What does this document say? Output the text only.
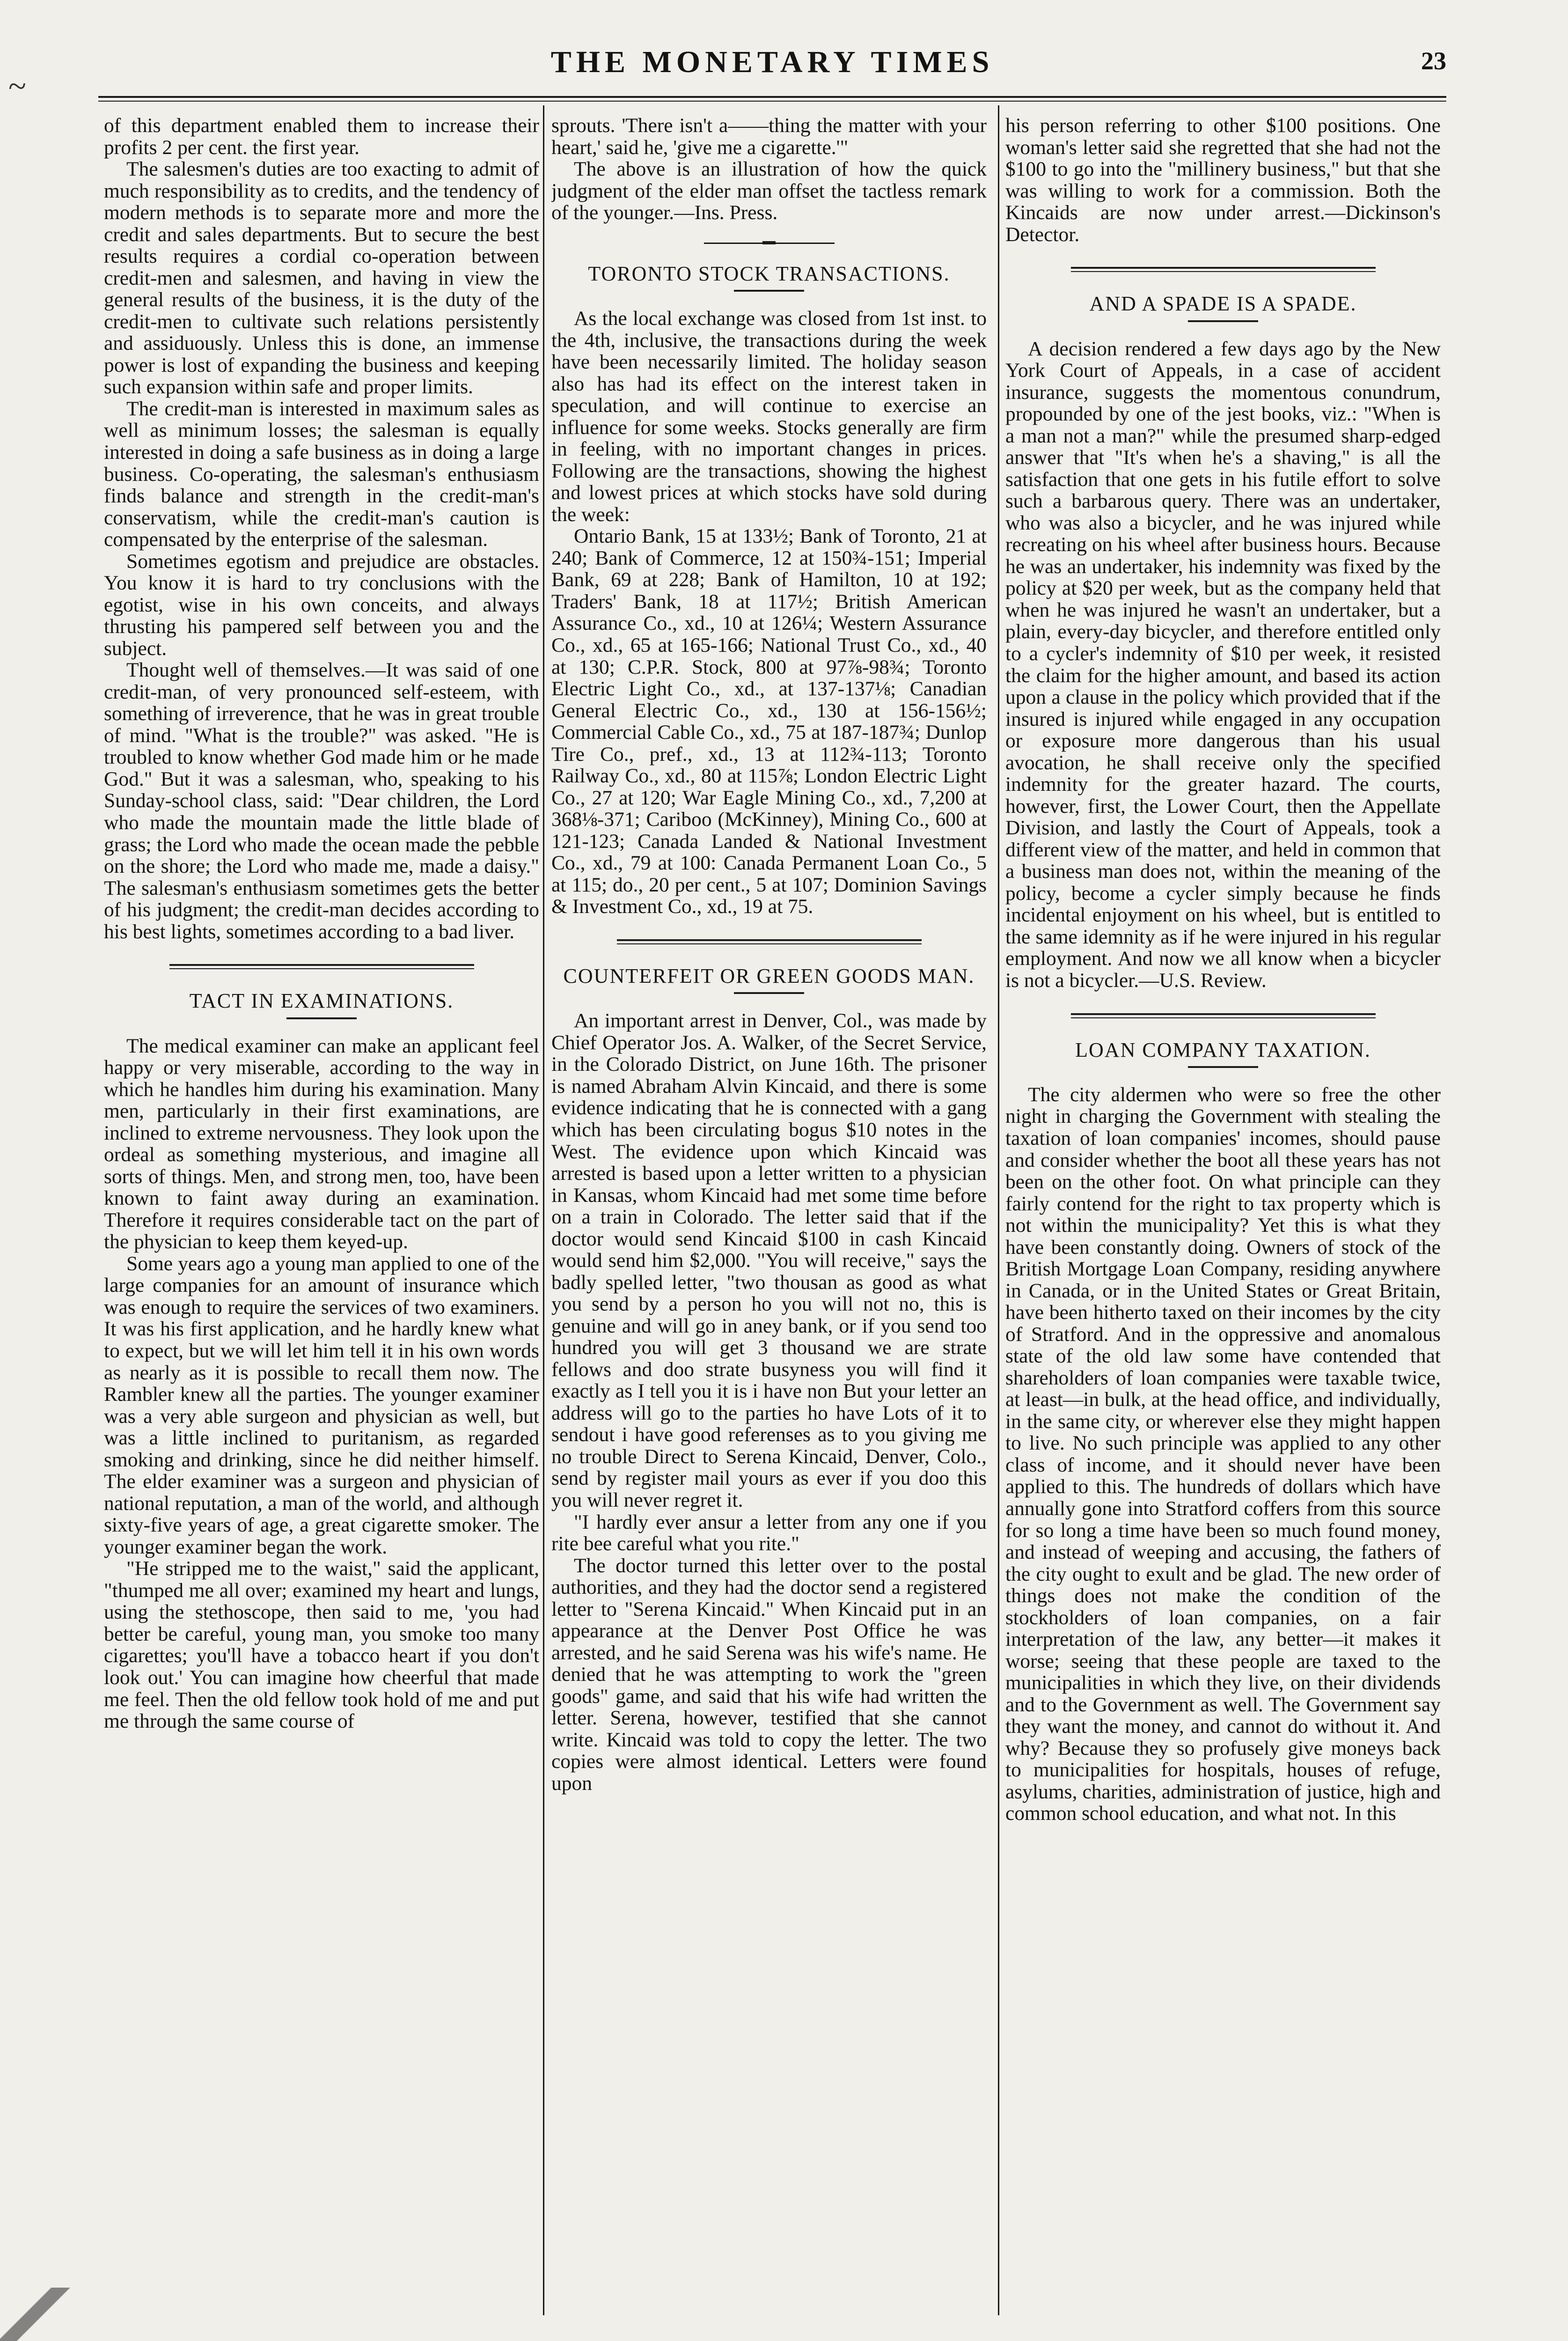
~
THE MONETARY TIMES	23

of this department enabled them to increase their profits 2 per cent. the first year.

The salesmen's duties are too exacting to admit of much responsibility as to credits, and the tendency of modern methods is to separate more and more the credit and sales departments. But to secure the best results requires a cordial co-operation between credit-men and salesmen, and having in view the general results of the business, it is the duty of the credit-men to cultivate such relations persistently and assiduously. Unless this is done, an immense power is lost of expanding the business and keeping such expansion within safe and proper limits.

The credit-man is interested in maximum sales as well as minimum losses; the salesman is equally interested in doing a safe business as in doing a large business. Co-operating, the salesman's enthusiasm finds balance and strength in the credit-man's conservatism, while the credit-man's caution is compensated by the enterprise of the salesman.

Sometimes egotism and prejudice are obstacles. You know it is hard to try conclusions with the egotist, wise in his own conceits, and always thrusting his pampered self between you and the subject.

Thought well of themselves.—It was said of one credit-man, of very pronounced self-esteem, with something of irreverence, that he was in great trouble of mind. "What is the trouble?" was asked. "He is troubled to know whether God made him or he made God." But it was a salesman, who, speaking to his Sunday-school class, said: "Dear children, the Lord who made the mountain made the little blade of grass; the Lord who made the ocean made the pebble on the shore; the Lord who made me, made a daisy." The salesman's enthusiasm sometimes gets the better of his judgment; the credit-man decides according to his best lights, sometimes according to a bad liver.

TACT IN EXAMINATIONS.

The medical examiner can make an applicant feel happy or very miserable, according to the way in which he handles him during his examination. Many men, particularly in their first examinations, are inclined to extreme nervousness. They look upon the ordeal as something mysterious, and imagine all sorts of things. Men, and strong men, too, have been known to faint away during an examination. Therefore it requires considerable tact on the part of the physician to keep them keyed-up.

Some years ago a young man applied to one of the large companies for an amount of insurance which was enough to require the services of two examiners. It was his first application, and he hardly knew what to expect, but we will let him tell it in his own words as nearly as it is possible to recall them now. The Rambler knew all the parties. The younger examiner was a very able surgeon and physician as well, but was a little inclined to puritanism, as regarded smoking and drinking, since he did neither himself. The elder examiner was a surgeon and physician of national reputation, a man of the world, and although sixty-five years of age, a great cigarette smoker. The younger examiner began the work.

"He stripped me to the waist," said the applicant, "thumped me all over; examined my heart and lungs, using the stethoscope, then said to me, 'you had better be careful, young man, you smoke too many cigarettes; you'll have a tobacco heart if you don't look out.' You can imagine how cheerful that made me feel. Then the old fellow took hold of me and put me through the same course of

sprouts. 'There isn't a——thing the matter with your heart,' said he, 'give me a cigarette.'"

The above is an illustration of how the quick judgment of the elder man offset the tactless remark of the younger.—Ins. Press.

TORONTO STOCK TRANSACTIONS.

As the local exchange was closed from 1st inst. to the 4th, inclusive, the transactions during the week have been necessarily limited. The holiday season also has had its effect on the interest taken in speculation, and will continue to exercise an influence for some weeks. Stocks generally are firm in feeling, with no important changes in prices. Following are the transactions, showing the highest and lowest prices at which stocks have sold during the week:

Ontario Bank, 15 at 133½; Bank of Toronto, 21 at 240; Bank of Commerce, 12 at 150¾-151; Imperial Bank, 69 at 228; Bank of Hamilton, 10 at 192; Traders' Bank, 18 at 117½; British American Assurance Co., xd., 10 at 126¼; Western Assurance Co., xd., 65 at 165-166; National Trust Co., xd., 40 at 130; C.P.R. Stock, 800 at 97⅞-98¾; Toronto Electric Light Co., xd., at 137-137⅛; Canadian General Electric Co., xd., 130 at 156-156½; Commercial Cable Co., xd., 75 at 187-187¾; Dunlop Tire Co., pref., xd., 13 at 112¾-113; Toronto Railway Co., xd., 80 at 115⅞; London Electric Light Co., 27 at 120; War Eagle Mining Co., xd., 7,200 at 368⅛-371; Cariboo (McKinney), Mining Co., 600 at 121-123; Canada Landed & National Investment Co., xd., 79 at 100: Canada Permanent Loan Co., 5 at 115; do., 20 per cent., 5 at 107; Dominion Savings & Investment Co., xd., 19 at 75.

COUNTERFEIT OR GREEN GOODS MAN.

An important arrest in Denver, Col., was made by Chief Operator Jos. A. Walker, of the Secret Service, in the Colorado District, on June 16th. The prisoner is named Abraham Alvin Kincaid, and there is some evidence indicating that he is connected with a gang which has been circulating bogus $10 notes in the West. The evidence upon which Kincaid was arrested is based upon a letter written to a physician in Kansas, whom Kincaid had met some time before on a train in Colorado. The letter said that if the doctor would send Kincaid $100 in cash Kincaid would send him $2,000. "You will receive," says the badly spelled letter, "two thousan as good as what you send by a person ho you will not no, this is genuine and will go in aney bank, or if you send too hundred you will get 3 thousand we are strate fellows and doo strate busyness you will find it exactly as I tell you it is i have non But your letter an address will go to the parties ho have Lots of it to sendout i have good referenses as to you giving me no trouble Direct to Serena Kincaid, Denver, Colo., send by register mail yours as ever if you doo this you will never regret it.

"I hardly ever ansur a letter from any one if you rite bee careful what you rite."

The doctor turned this letter over to the postal authorities, and they had the doctor send a registered letter to "Serena Kincaid." When Kincaid put in an appearance at the Denver Post Office he was arrested, and he said Serena was his wife's name. He denied that he was attempting to work the "green goods" game, and said that his wife had written the letter. Serena, however, testified that she cannot write. Kincaid was told to copy the letter. The two copies were almost identical. Letters were found upon

his person referring to other $100 positions. One woman's letter said she regretted that she had not the $100 to go into the "millinery business," but that she was willing to work for a commission. Both the Kincaids are now under arrest.—Dickinson's Detector.

AND A SPADE IS A SPADE.

A decision rendered a few days ago by the New York Court of Appeals, in a case of accident insurance, suggests the momentous conundrum, propounded by one of the jest books, viz.: "When is a man not a man?" while the presumed sharp-edged answer that "It's when he's a shaving," is all the satisfaction that one gets in his futile effort to solve such a barbarous query. There was an undertaker, who was also a bicycler, and he was injured while recreating on his wheel after business hours. Because he was an undertaker, his indemnity was fixed by the policy at $20 per week, but as the company held that when he was injured he wasn't an undertaker, but a plain, every-day bicycler, and therefore entitled only to a cycler's indemnity of $10 per week, it resisted the claim for the higher amount, and based its action upon a clause in the policy which provided that if the insured is injured while engaged in any occupation or exposure more dangerous than his usual avocation, he shall receive only the specified indemnity for the greater hazard. The courts, however, first, the Lower Court, then the Appellate Division, and lastly the Court of Appeals, took a different view of the matter, and held in common that a business man does not, within the meaning of the policy, become a cycler simply because he finds incidental enjoyment on his wheel, but is entitled to the same idemnity as if he were injured in his regular employment. And now we all know when a bicycler is not a bicycler.—U.S. Review.

LOAN COMPANY TAXATION.

The city aldermen who were so free the other night in charging the Government with stealing the taxation of loan companies' incomes, should pause and consider whether the boot all these years has not been on the other foot. On what principle can they fairly contend for the right to tax property which is not within the municipality? Yet this is what they have been constantly doing. Owners of stock of the British Mortgage Loan Company, residing anywhere in Canada, or in the United States or Great Britain, have been hitherto taxed on their incomes by the city of Stratford. And in the oppressive and anomalous state of the old law some have contended that shareholders of loan companies were taxable twice, at least—in bulk, at the head office, and individually, in the same city, or wherever else they might happen to live. No such principle was applied to any other class of income, and it should never have been applied to this. The hundreds of dollars which have annually gone into Stratford coffers from this source for so long a time have been so much found money, and instead of weeping and accusing, the fathers of the city ought to exult and be glad. The new order of things does not make the condition of the stockholders of loan companies, on a fair interpretation of the law, any better—it makes it worse; seeing that these people are taxed to the municipalities in which they live, on their dividends and to the Government as well. The Government say they want the money, and cannot do without it. And why? Because they so profusely give moneys back to municipalities for hospitals, houses of refuge, asylums, charities, administration of justice, high and common school education, and what not. In this
